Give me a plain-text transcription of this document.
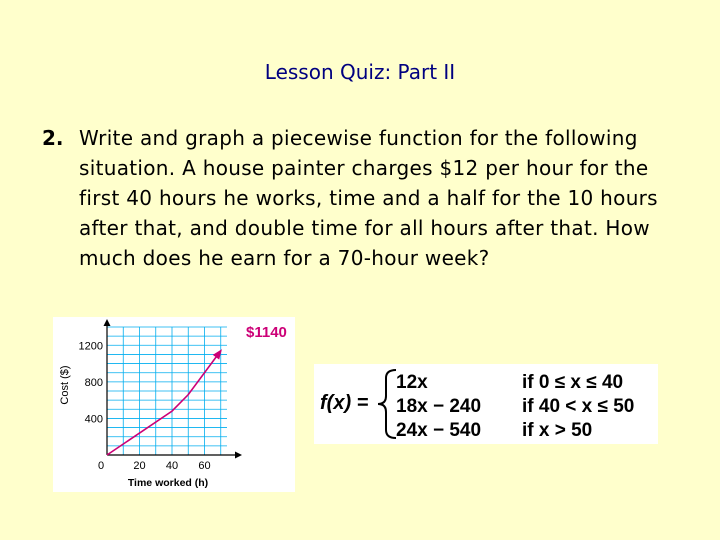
Lesson Quiz: Part II
2. Write and graph a piecewise function for the following situation. A house painter charges $12 per hour for the first 40 hours he works, time and a half for the 10 hours after that, and double time for all hours after that. How much does he earn for a 70-hour week?
0	20 40 60
400
800
1200
Cost ($)
Time worked (h)
$1140
f(x) =
12x	if 0 ≤ x ≤ 40
18x − 240 if 40 < x ≤ 50
24x − 540 if x > 50
